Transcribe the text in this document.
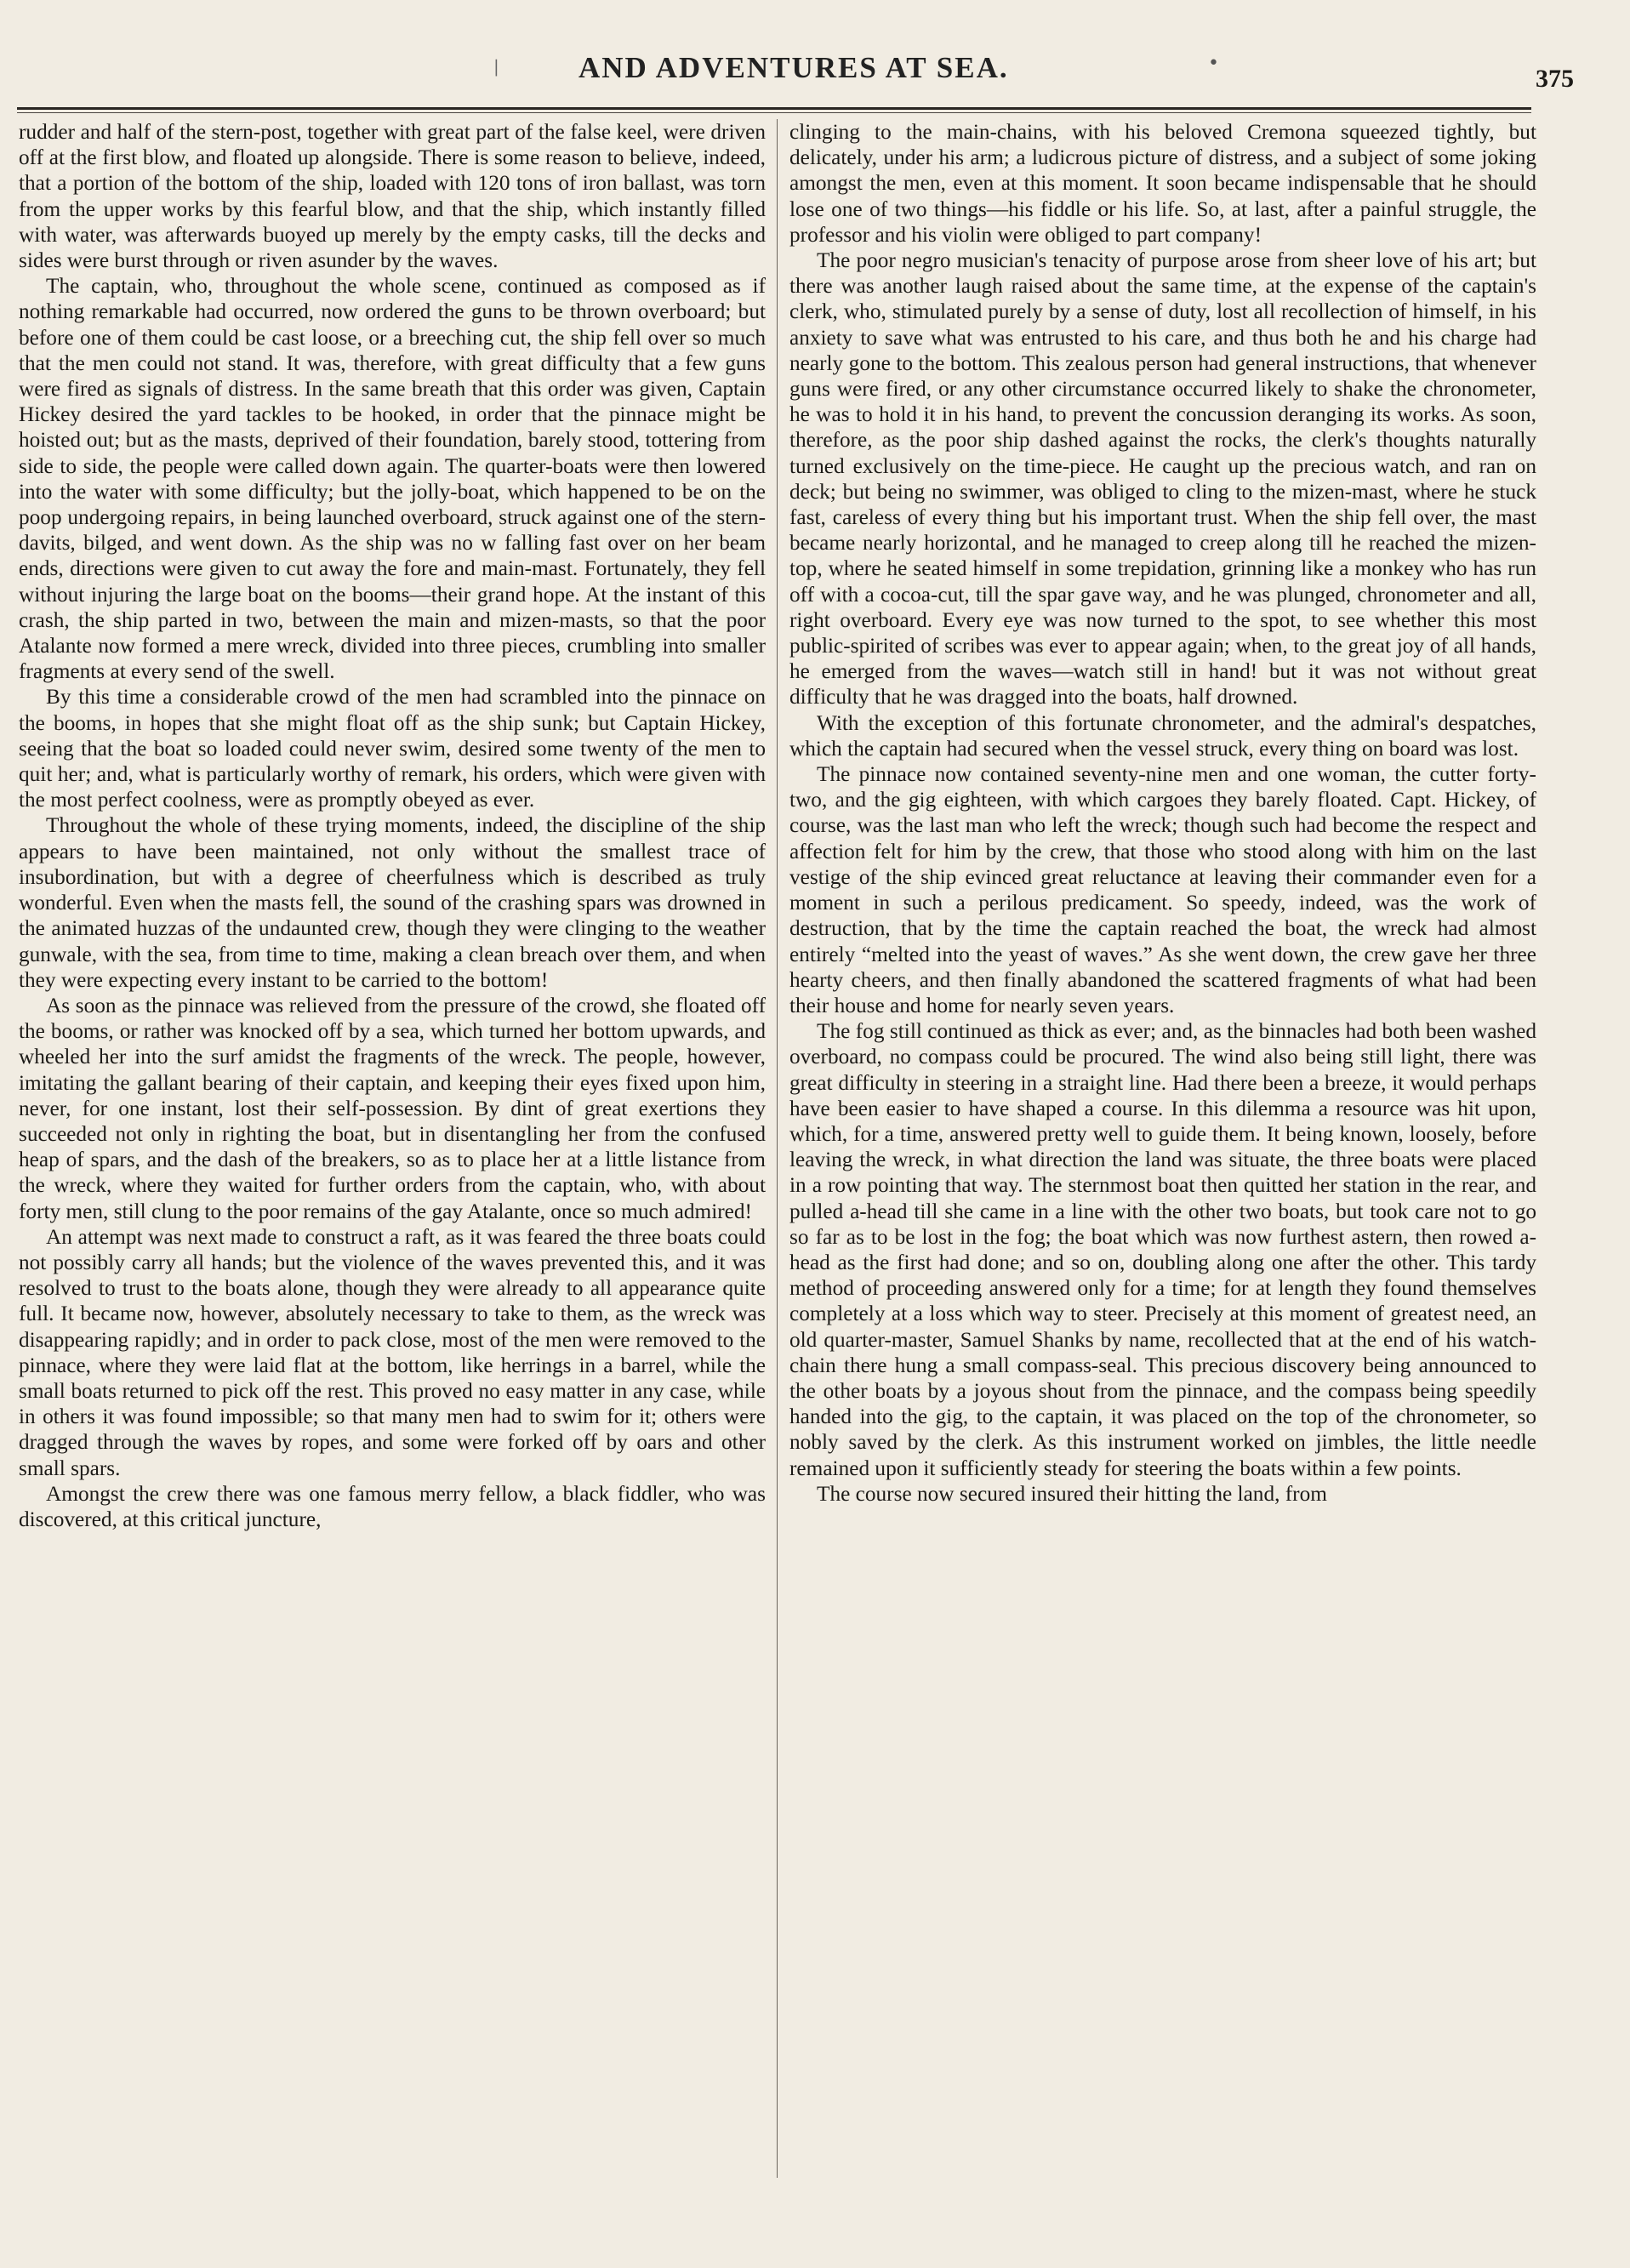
|	AND ADVENTURES AT SEA.	•
375

rudder and half of the stern-post, together with great part of the false keel, were driven off at the first blow, and floated up alongside. There is some reason to believe, indeed, that a portion of the bottom of the ship, loaded with 120 tons of iron ballast, was torn from the upper works by this fearful blow, and that the ship, which instantly filled with water, was afterwards buoyed up merely by the empty casks, till the decks and sides were burst through or riven asunder by the waves.

The captain, who, throughout the whole scene, continued as composed as if nothing remarkable had occurred, now ordered the guns to be thrown overboard; but before one of them could be cast loose, or a breeching cut, the ship fell over so much that the men could not stand. It was, therefore, with great difficulty that a few guns were fired as signals of distress. In the same breath that this order was given, Captain Hickey desired the yard tackles to be hooked, in order that the pinnace might be hoisted out; but as the masts, deprived of their foundation, barely stood, tottering from side to side, the people were called down again. The quarter-boats were then lowered into the water with some difficulty; but the jolly-boat, which happened to be on the poop undergoing repairs, in being launched overboard, struck against one of the stern-davits, bilged, and went down. As the ship was no w falling fast over on her beam ends, directions were given to cut away the fore and main-mast. Fortunately, they fell without injuring the large boat on the booms—their grand hope. At the instant of this crash, the ship parted in two, between the main and mizen-masts, so that the poor Atalante now formed a mere wreck, divided into three pieces, crumbling into smaller fragments at every send of the swell.

By this time a considerable crowd of the men had scrambled into the pinnace on the booms, in hopes that she might float off as the ship sunk; but Captain Hickey, seeing that the boat so loaded could never swim, desired some twenty of the men to quit her; and, what is particularly worthy of remark, his orders, which were given with the most perfect coolness, were as promptly obeyed as ever.

Throughout the whole of these trying moments, indeed, the discipline of the ship appears to have been maintained, not only without the smallest trace of insubordination, but with a degree of cheerfulness which is described as truly wonderful. Even when the masts fell, the sound of the crashing spars was drowned in the animated huzzas of the undaunted crew, though they were clinging to the weather gunwale, with the sea, from time to time, making a clean breach over them, and when they were expecting every instant to be carried to the bottom!

As soon as the pinnace was relieved from the pressure of the crowd, she floated off the booms, or rather was knocked off by a sea, which turned her bottom upwards, and wheeled her into the surf amidst the fragments of the wreck. The people, however, imitating the gallant bearing of their captain, and keeping their eyes fixed upon him, never, for one instant, lost their self-possession. By dint of great exertions they succeeded not only in righting the boat, but in disentangling her from the confused heap of spars, and the dash of the breakers, so as to place her at a little listance from the wreck, where they waited for further orders from the captain, who, with about forty men, still clung to the poor remains of the gay Atalante, once so much admired!

An attempt was next made to construct a raft, as it was feared the three boats could not possibly carry all hands; but the violence of the waves prevented this, and it was resolved to trust to the boats alone, though they were already to all appearance quite full. It became now, however, absolutely necessary to take to them, as the wreck was disappearing rapidly; and in order to pack close, most of the men were removed to the pinnace, where they were laid flat at the bottom, like herrings in a barrel, while the small boats returned to pick off the rest. This proved no easy matter in any case, while in others it was found impossible; so that many men had to swim for it; others were dragged through the waves by ropes, and some were forked off by oars and other small spars.

Amongst the crew there was one famous merry fellow, a black fiddler, who was discovered, at this critical juncture,

clinging to the main-chains, with his beloved Cremona squeezed tightly, but delicately, under his arm; a ludicrous picture of distress, and a subject of some joking amongst the men, even at this moment. It soon became indispensable that he should lose one of two things—his fiddle or his life. So, at last, after a painful struggle, the professor and his violin were obliged to part company!

The poor negro musician's tenacity of purpose arose from sheer love of his art; but there was another laugh raised about the same time, at the expense of the captain's clerk, who, stimulated purely by a sense of duty, lost all recollection of himself, in his anxiety to save what was entrusted to his care, and thus both he and his charge had nearly gone to the bottom. This zealous person had general instructions, that whenever guns were fired, or any other circumstance occurred likely to shake the chronometer, he was to hold it in his hand, to prevent the concussion deranging its works. As soon, therefore, as the poor ship dashed against the rocks, the clerk's thoughts naturally turned exclusively on the time-piece. He caught up the precious watch, and ran on deck; but being no swimmer, was obliged to cling to the mizen-mast, where he stuck fast, careless of every thing but his important trust. When the ship fell over, the mast became nearly horizontal, and he managed to creep along till he reached the mizen-top, where he seated himself in some trepidation, grinning like a monkey who has run off with a cocoa-cut, till the spar gave way, and he was plunged, chronometer and all, right overboard. Every eye was now turned to the spot, to see whether this most public-spirited of scribes was ever to appear again; when, to the great joy of all hands, he emerged from the waves—watch still in hand! but it was not without great difficulty that he was dragged into the boats, half drowned.

With the exception of this fortunate chronometer, and the admiral's despatches, which the captain had secured when the vessel struck, every thing on board was lost.

The pinnace now contained seventy-nine men and one woman, the cutter forty-two, and the gig eighteen, with which cargoes they barely floated. Capt. Hickey, of course, was the last man who left the wreck; though such had become the respect and affection felt for him by the crew, that those who stood along with him on the last vestige of the ship evinced great reluctance at leaving their commander even for a moment in such a perilous predicament. So speedy, indeed, was the work of destruction, that by the time the captain reached the boat, the wreck had almost entirely “melted into the yeast of waves.” As she went down, the crew gave her three hearty cheers, and then finally abandoned the scattered fragments of what had been their house and home for nearly seven years.

The fog still continued as thick as ever; and, as the binnacles had both been washed overboard, no compass could be procured. The wind also being still light, there was great difficulty in steering in a straight line. Had there been a breeze, it would perhaps have been easier to have shaped a course. In this dilemma a resource was hit upon, which, for a time, answered pretty well to guide them. It being known, loosely, before leaving the wreck, in what direction the land was situate, the three boats were placed in a row pointing that way. The sternmost boat then quitted her station in the rear, and pulled a-head till she came in a line with the other two boats, but took care not to go so far as to be lost in the fog; the boat which was now furthest astern, then rowed a-head as the first had done; and so on, doubling along one after the other. This tardy method of proceeding answered only for a time; for at length they found themselves completely at a loss which way to steer. Precisely at this moment of greatest need, an old quarter-master, Samuel Shanks by name, recollected that at the end of his watch-chain there hung a small compass-seal. This precious discovery being announced to the other boats by a joyous shout from the pinnace, and the compass being speedily handed into the gig, to the captain, it was placed on the top of the chronometer, so nobly saved by the clerk. As this instrument worked on jimbles, the little needle remained upon it sufficiently steady for steering the boats within a few points.

The course now secured insured their hitting the land, from
